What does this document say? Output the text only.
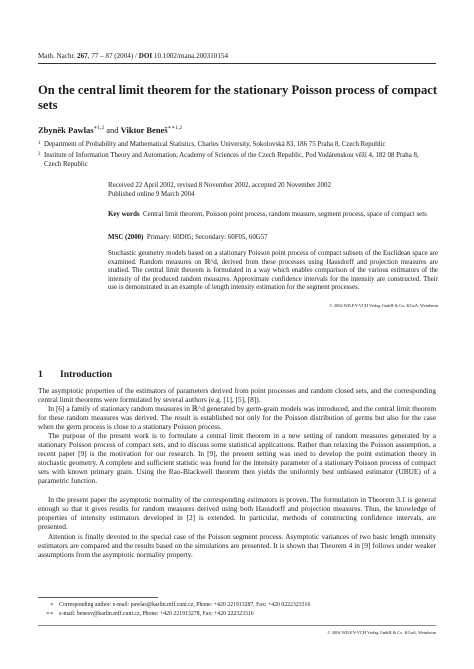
Math. Nachr. 267, 77 – 87 (2004) / DOI 10.1002/mana.200310154
On the central limit theorem for the stationary Poisson process of compact sets
Zbyněk Pawlas$^{∗1,2}$ and Viktor Beneš$^{∗∗1,2}$
1 Department of Probability and Mathematical Statistics, Charles University, Sokolovská 83, 186 75 Praha 8, Czech Republic
2 Institute of Information Theory and Automation, Academy of Sciences of the Czech Republic, Pod Vodárenskou věží 4, 182 08 Praha 8, Czech Republic
Received 22 April 2002, revised 8 November 2002, accepted 20 November 2002
Published online 9 March 2004
Key words Central limit theorem, Poisson point process, random measure, segment process, space of compact sets
MSC (2000) Primary: 60D05; Secondary: 60F05, 60G57
Stochastic geometry models based on a stationary Poisson point process of compact subsets of the Euclidean space are examined. Random measures on ℝ^d, derived from these processes using Hausdorff and projection measures are studied. The central limit theorem is formulated in a way which enables comparison of the various estimators of the intensity of the produced random measures. Approximate confidence intervals for the intensity are constructed. Their use is demonstrated in an example of length intensity estimation for the segment processes.
© 2004 WILEY-VCH Verlag GmbH & Co. KGaA, Weinheim
1 Introduction
The asymptotic properties of the estimators of parameters derived from point processes and random closed sets, and the corresponding central limit theorems were formulated by several authors (e.g. [1], [5], [8]).
In [6] a family of stationary random measures in ℝ^d generated by germ-grain models was introduced, and the central limit theorem for these random measures was derived. The result is established not only for the Poisson distribution of germs but also for the case when the germ process is close to a stationary Poisson process.
The purpose of the present work is to formulate a central limit theorem in a new setting of random measures generated by a stationary Poisson process of compact sets, and to discuss some statistical applications. Rather than relaxing the Poisson assumption, a recent paper [9] is the motivation for our research. In [9], the present setting was used to develop the point estimation theory in stochastic geometry. A complete and sufficient statistic was found for the intensity parameter of a stationary Poisson process of compact sets with known primary grain. Using the Rao-Blackwell theorem then yields the uniformly best unbiased estimator (UBUE) of a parametric function.
In the present paper the asymptotic normality of the corresponding estimators is proven. The formulation in Theorem 3.1 is general enough so that it gives results for random measures derived using both Hausdorff and projection measures. Thus, the knowledge of properties of intensity estimators developed in [2] is extended. In particular, methods of constructing confidence intervals, are presented.
Attention is finally devoted to the special case of the Poisson segment process. Asymptotic variances of two basic length intensity estimators are compared and the results based on the simulations are presented. It is shown that Theorem 4 in [9] follows under weaker assumptions from the asymptotic normality property.
∗ Corresponding author: e-mail: pawlas@karlin.mff.cuni.cz, Phone: +420 221913287, Fax: +420 0222323316
∗∗ e-mail: benesv@karlin.mff.cuni.cz, Phone: +420 221913278, Fax: +420 222323316
© 2004 WILEY-VCH Verlag GmbH & Co. KGaA, Weinheim
